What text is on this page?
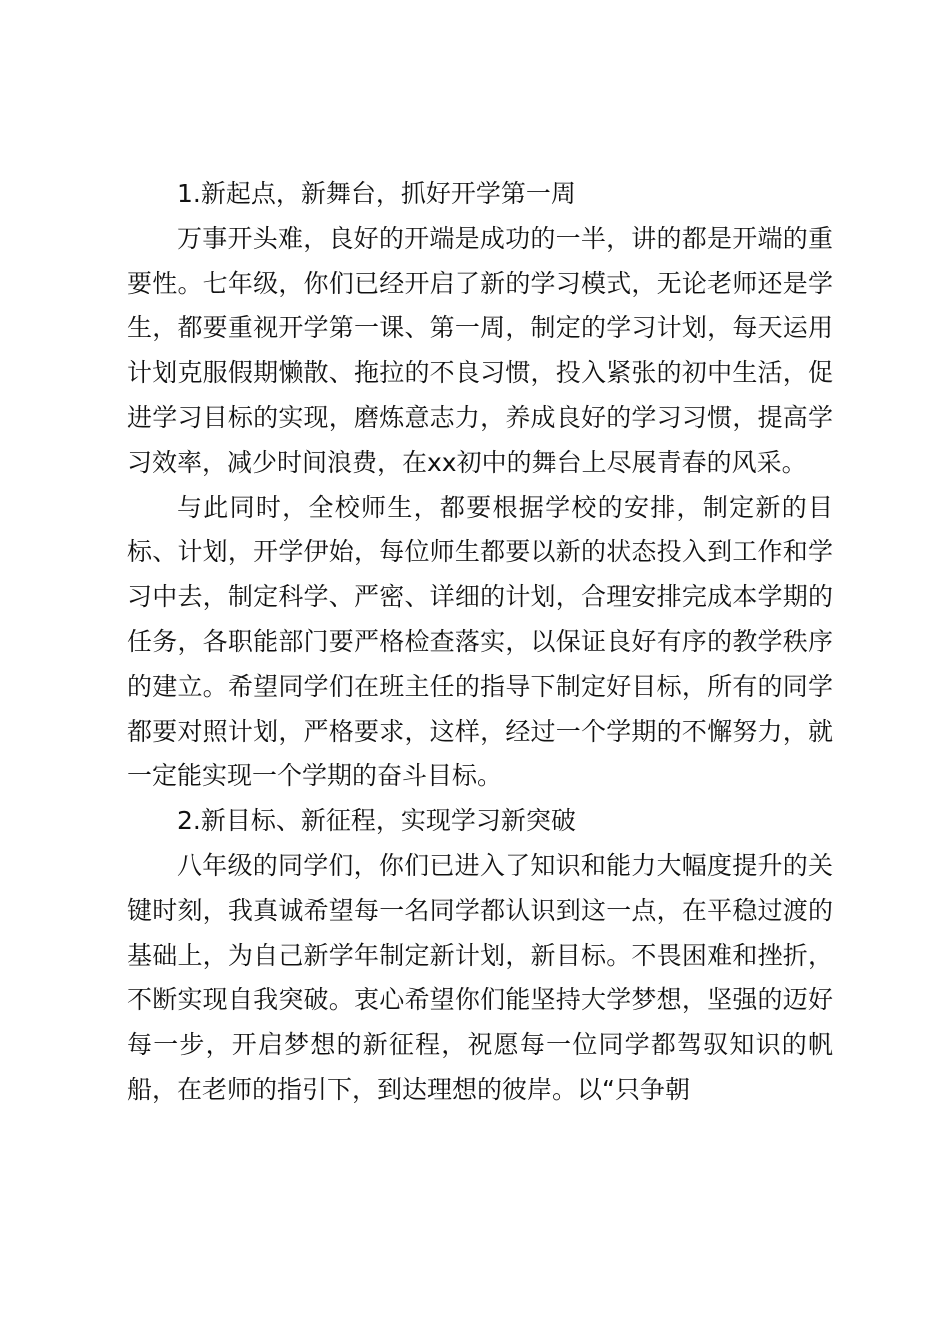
1.新起点，新舞台，抓好开学第一周

万事开头难，良好的开端是成功的一半，讲的都是开端的重要性。七年级，你们已经开启了新的学习模式，无论老师还是学生，都要重视开学第一课、第一周，制定的学习计划，每天运用计划克服假期懒散、拖拉的不良习惯，投入紧张的初中生活，促进学习目标的实现，磨炼意志力，养成良好的学习习惯，提高学习效率，减少时间浪费，在xx初中的舞台上尽展青春的风采。

与此同时，全校师生，都要根据学校的安排，制定新的目标、计划，开学伊始，每位师生都要以新的状态投入到工作和学习中去，制定科学、严密、详细的计划，合理安排完成本学期的任务，各职能部门要严格检查落实，以保证良好有序的教学秩序的建立。希望同学们在班主任的指导下制定好目标，所有的同学都要对照计划，严格要求，这样，经过一个学期的不懈努力，就一定能实现一个学期的奋斗目标。

2.新目标、新征程，实现学习新突破

八年级的同学们，你们已进入了知识和能力大幅度提升的关键时刻，我真诚希望每一名同学都认识到这一点，在平稳过渡的基础上，为自己新学年制定新计划，新目标。不畏困难和挫折，不断实现自我突破。衷心希望你们能坚持大学梦想，坚强的迈好每一步，开启梦想的新征程，祝愿每一位同学都驾驭知识的帆船，在老师的指引下，到达理想的彼岸。以“只争朝
